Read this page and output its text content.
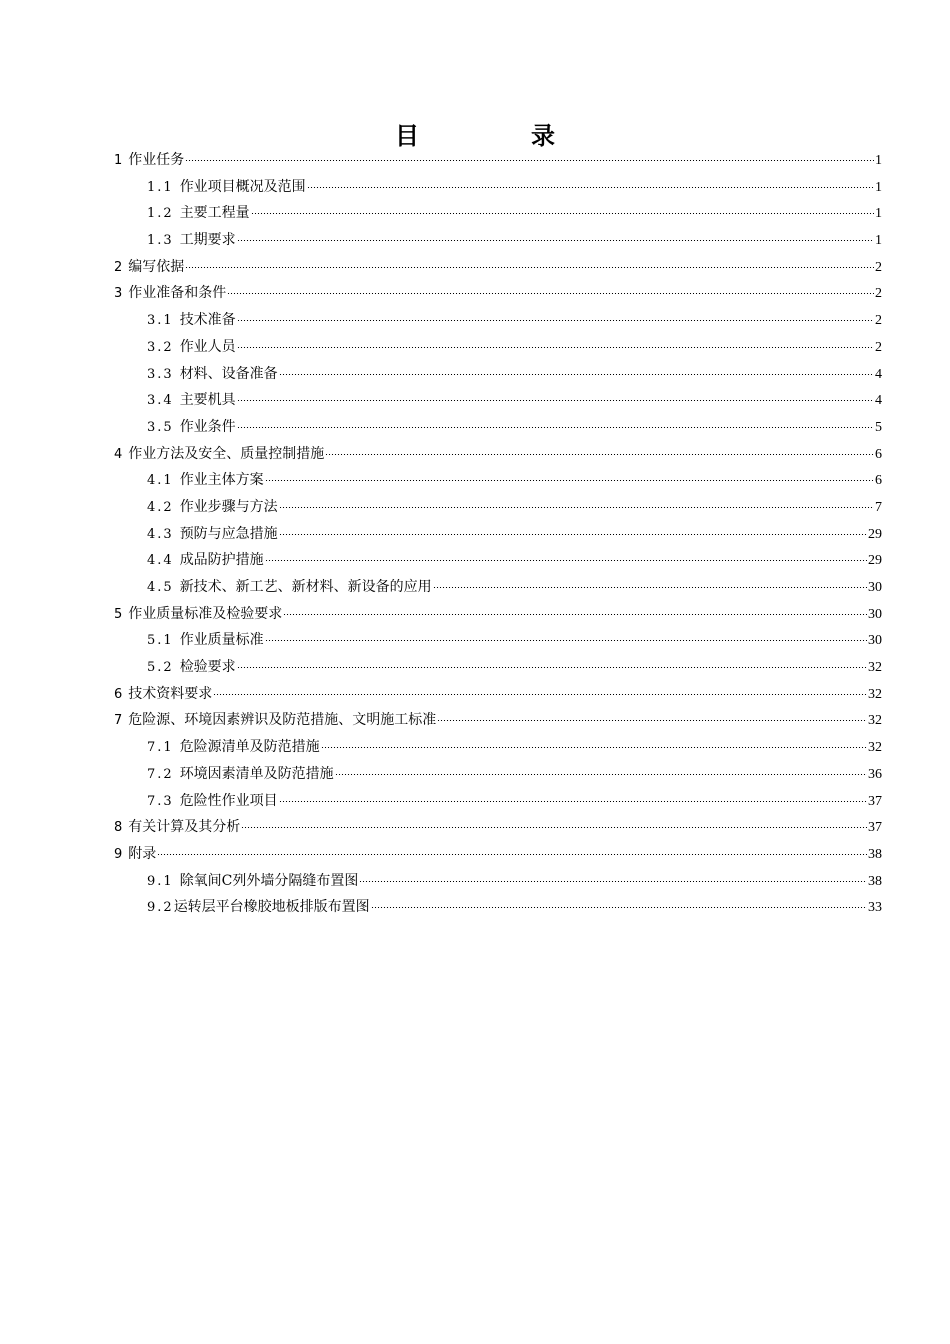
目　录
1 作业任务	1
1.1 作业项目概况及范围	1
1.2 主要工程量	1
1.3 工期要求	1
2 编写依据	2
3 作业准备和条件	2
3.1 技术准备	2
3.2 作业人员	2
3.3 材料、设备准备	4
3.4 主要机具	4
3.5 作业条件	5
4 作业方法及安全、质量控制措施	6
4.1 作业主体方案	6
4.2 作业步骤与方法	7
4.3 预防与应急措施	29
4.4 成品防护措施	29
4.5 新技术、新工艺、新材料、新设备的应用	30
5 作业质量标准及检验要求	30
5.1 作业质量标准	30
5.2 检验要求	32
6 技术资料要求	32
7 危险源、环境因素辨识及防范措施、文明施工标准	32
7.1 危险源清单及防范措施	32
7.2 环境因素清单及防范措施	36
7.3 危险性作业项目	37
8 有关计算及其分析	37
9 附录	38
9.1 除氧间C列外墙分隔缝布置图	38
9.2 运转层平台橡胶地板排版布置图	33
